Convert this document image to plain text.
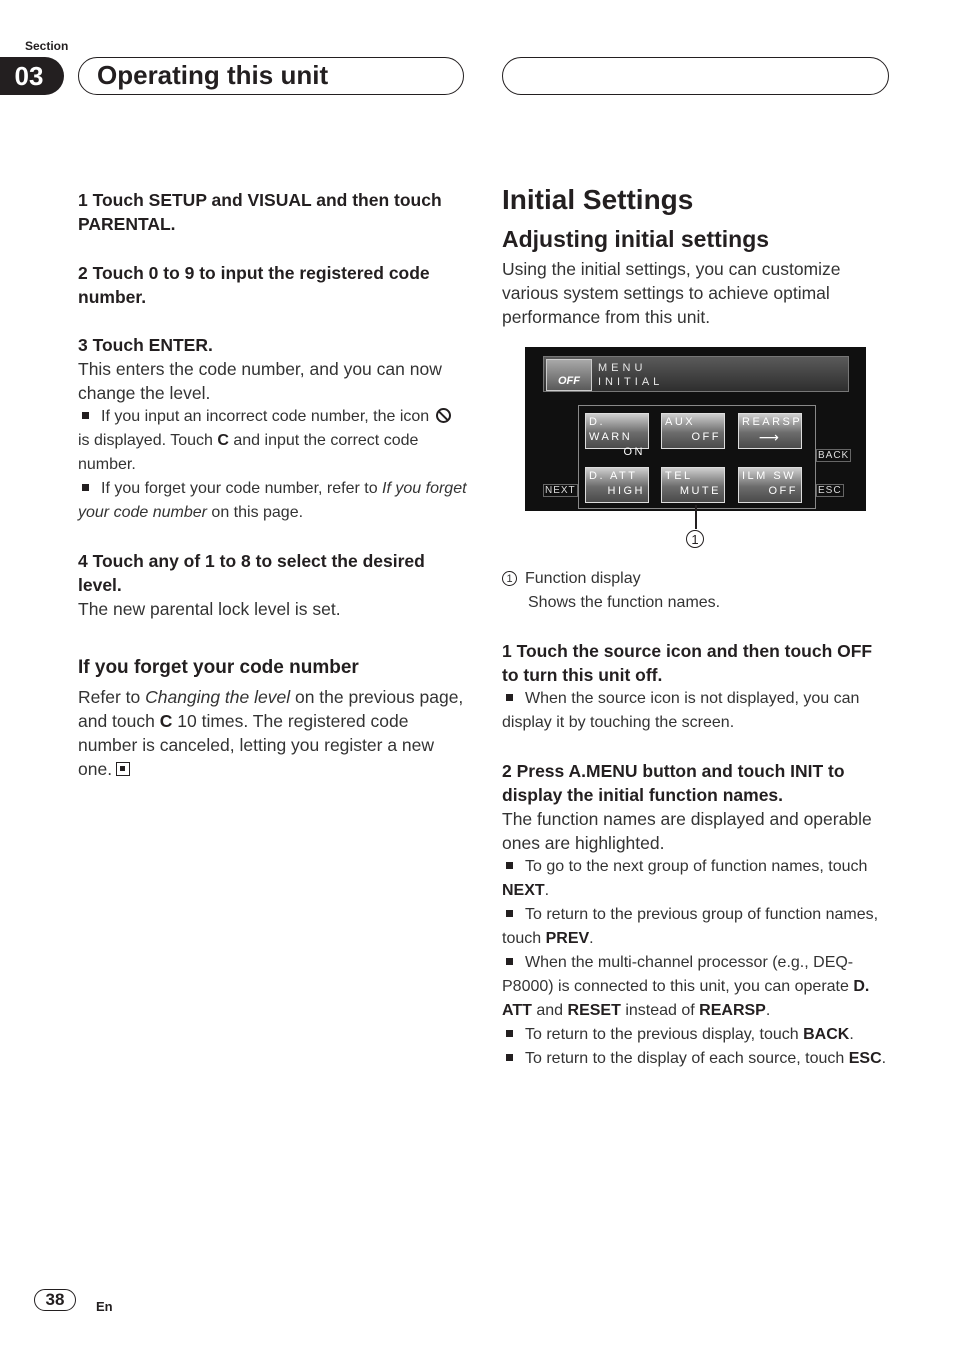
Section
03	Operating this unit

1 Touch SETUP and VISUAL and then touch PARENTAL.

2 Touch 0 to 9 to input the registered code number.

3 Touch ENTER.

This enters the code number, and you can now change the level.

If you input an incorrect code number, the icon  is displayed. Touch C and input the correct code number.

If you forget your code number, refer to If you forget your code number on this page.

4 Touch any of 1 to 8 to select the desired level.

The new parental lock level is set.

If you forget your code number

Refer to Changing the level on the previous page, and touch C 10 times. The registered code number is canceled, letting you register a new one.

Initial Settings

Adjusting initial settings

Using the initial settings, you can customize various system settings to achieve optimal performance from this unit.

OFF
MENU
INITIAL
D. WARN
ON
AUX
OFF
REARSP
⟶
D. ATT
HIGH
TEL
MUTE
ILM SW
OFF
BACK
NEXT	ESC
1

1 Function display

Shows the function names.

1 Touch the source icon and then touch OFF to turn this unit off.

When the source icon is not displayed, you can display it by touching the screen.

2 Press A.MENU button and touch INIT to display the initial function names.

The function names are displayed and operable ones are highlighted.

To go to the next group of function names, touch NEXT.

To return to the previous group of function names, touch PREV.

When the multi-channel processor (e.g., DEQ-P8000) is connected to this unit, you can operate D. ATT and RESET instead of REARSP.

To return to the previous display, touch BACK.

To return to the display of each source, touch ESC.

38	En
